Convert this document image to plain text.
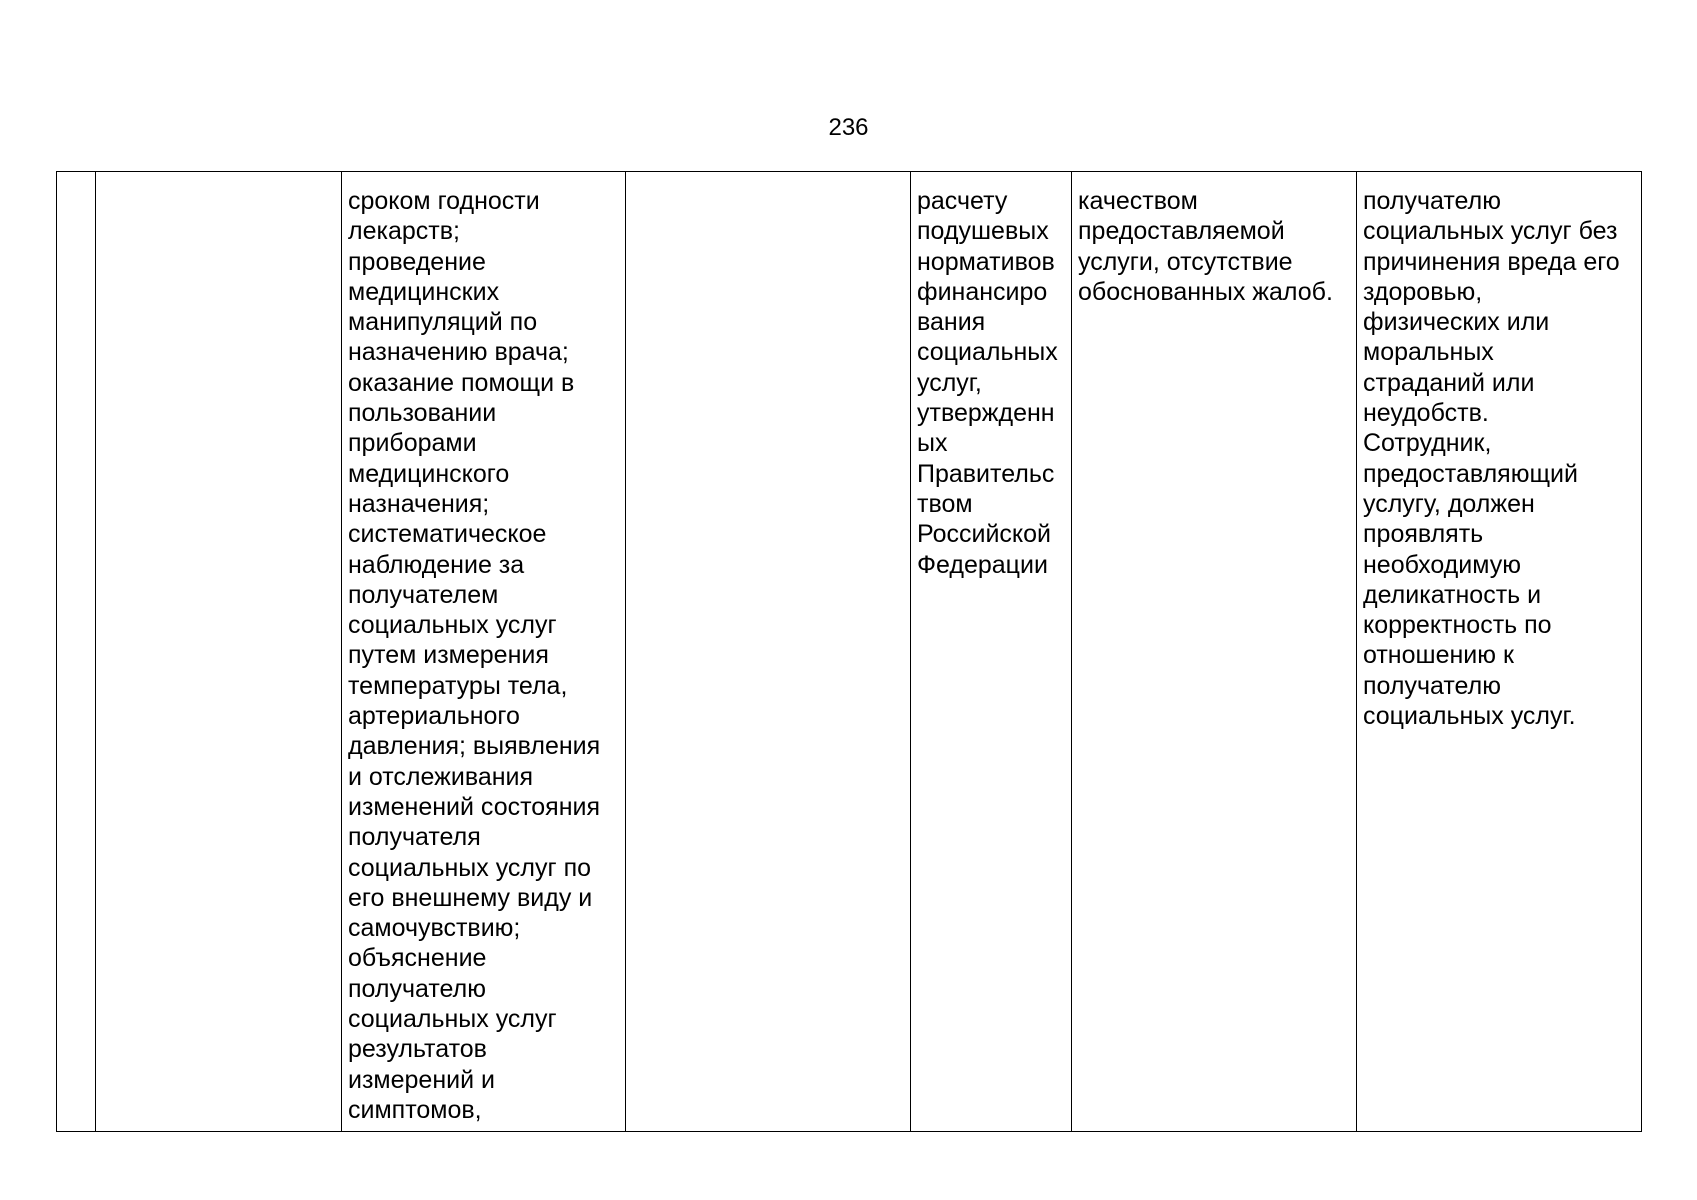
236
		сроком годности
лекарств;
проведение
медицинских
манипуляций по
назначению врача;
оказание помощи в
пользовании
приборами
медицинского
назначения;
систематическое
наблюдение за
получателем
социальных услуг
путем измерения
температуры тела,
артериального
давления; выявления
и отслеживания
изменений состояния
получателя
социальных услуг по
его внешнему виду и
самочувствию;
объяснение
получателю
социальных услуг
результатов
измерений и
симптомов,		расчету
подушевых
нормативов
финансиро
вания
социальных
услуг,
утвержденн
ых
Правительс
твом
Российской
Федерации	качеством
предоставляемой
услуги, отсутствие
обоснованных жалоб.	получателю
социальных услуг без
причинения вреда его
здоровью,
физических или
моральных
страданий или
неудобств.
Сотрудник,
предоставляющий
услугу, должен
проявлять
необходимую
деликатность и
корректность по
отношению к
получателю
социальных услуг.
